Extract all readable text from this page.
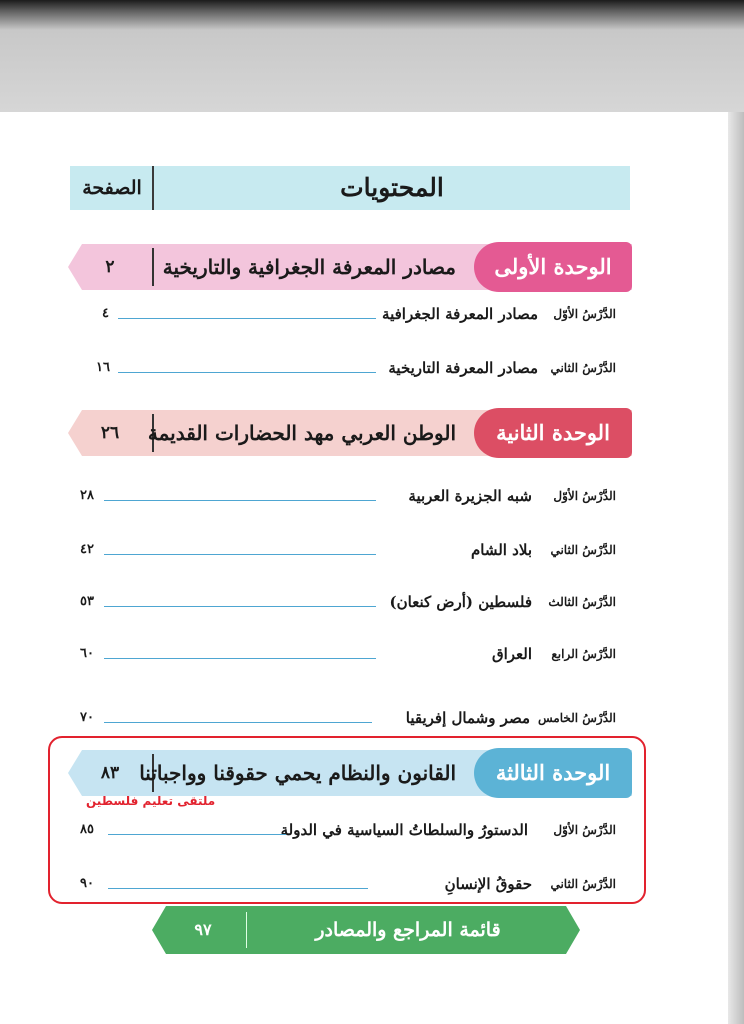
المحتويات
الصفحة
الوحدة الأولى
مصادر المعرفة الجغرافية والتاريخية
٢
الدَّرْسُ الأوّل
مصادر المعرفة الجغرافية
٤
الدَّرْسُ الثاني
مصادر المعرفة التاريخية
١٦
الوحدة الثانية
الوطن العربي مهد الحضارات القديمة
٢٦
الدَّرْسُ الأوّل
شبه الجزيرة العربية
٢٨
الدَّرْسُ الثاني
بلاد الشام
٤٢
الدَّرْسُ الثالث
فلسطين (أرض كنعان)
٥٣
الدَّرْسُ الرابع
العراق
٦٠
الدَّرْسُ الخامس
مصر وشمال إفريقيا
٧٠
الوحدة الثالثة
القانون والنظام يحمي حقوقنا وواجباتنا
٨٣
ملتقى تعليم فلسطين
الدَّرْسُ الأوّل
الدستورُ والسلطاتُ السياسية في الدولة
٨٥
الدَّرْسُ الثاني
حقوقُ الإنسانِ
٩٠
قائمة المراجع والمصادر
٩٧
